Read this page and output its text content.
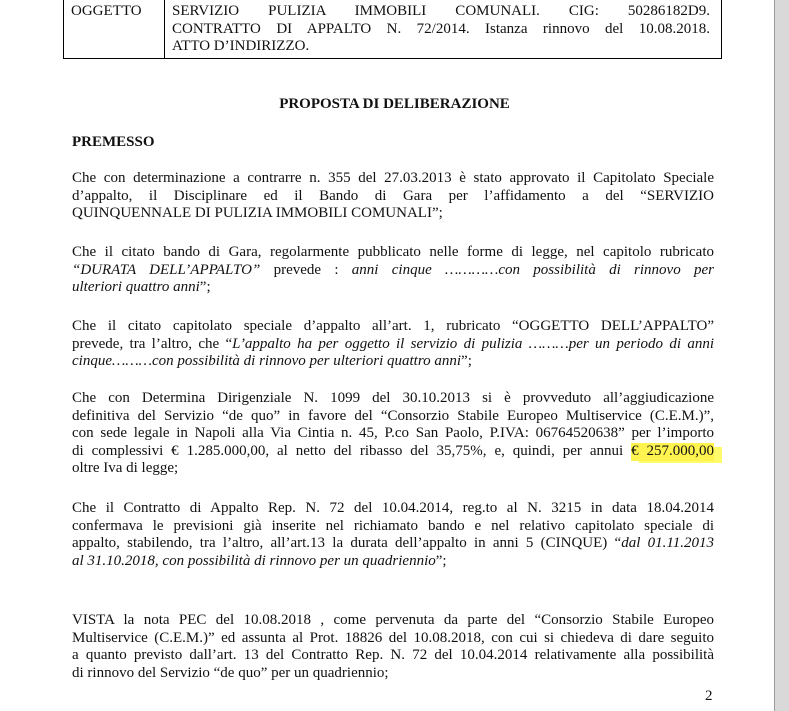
OGGETTO SERVIZIO PULIZIA IMMOBILI COMUNALI. CIG: 50286182D9.
CONTRATTO DI APPALTO N. 72/2014. Istanza rinnovo del 10.08.2018.
ATTO D’INDIRIZZO.
PROPOSTA DI DELIBERAZIONE
PREMESSO
Che con determinazione a contrarre n. 355 del 27.03.2013 è stato approvato il Capitolato Speciale
d’appalto, il Disciplinare ed il Bando di Gara per l’affidamento a del “SERVIZIO
QUINQUENNALE DI PULIZIA IMMOBILI COMUNALI”;
Che il citato bando di Gara, regolarmente pubblicato nelle forme di legge, nel capitolo rubricato
“DURATA DELL’APPALTO” prevede : anni cinque …………con possibilità di rinnovo per
ulteriori quattro anni”;
Che il citato capitolato speciale d’appalto all’art. 1, rubricato “OGGETTO DELL’APPALTO”
prevede, tra l’altro, che “L’appalto ha per oggetto il servizio di pulizia ………per un periodo di anni
cinque………con possibilità di rinnovo per ulteriori quattro anni”;
Che con Determina Dirigenziale N. 1099 del 30.10.2013 si è provveduto all’aggiudicazione
definitiva del Servizio “de quo” in favore del “Consorzio Stabile Europeo Multiservice (C.E.M.)”,
con sede legale in Napoli alla Via Cintia n. 45, P.co San Paolo, P.IVA: 06764520638” per l’importo
di complessivi € 1.285.000,00, al netto del ribasso del 35,75%, e, quindi, per annui € 257.000,00
oltre Iva di legge;
Che il Contratto di Appalto Rep. N. 72 del 10.04.2014, reg.to al N. 3215 in data 18.04.2014
confermava le previsioni già inserite nel richiamato bando e nel relativo capitolato speciale di
appalto, stabilendo, tra l’altro, all’art.13 la durata dell’appalto in anni 5 (CINQUE) “dal 01.11.2013
al 31.10.2018, con possibilità di rinnovo per un quadriennio”;
VISTA la nota PEC del 10.08.2018 , come pervenuta da parte del “Consorzio Stabile Europeo
Multiservice (C.E.M.)” ed assunta al Prot. 18826 del 10.08.2018, con cui si chiedeva di dare seguito
a quanto previsto dall’art. 13 del Contratto Rep. N. 72 del 10.04.2014 relativamente alla possibilità
di rinnovo del Servizio “de quo” per un quadriennio;
2
